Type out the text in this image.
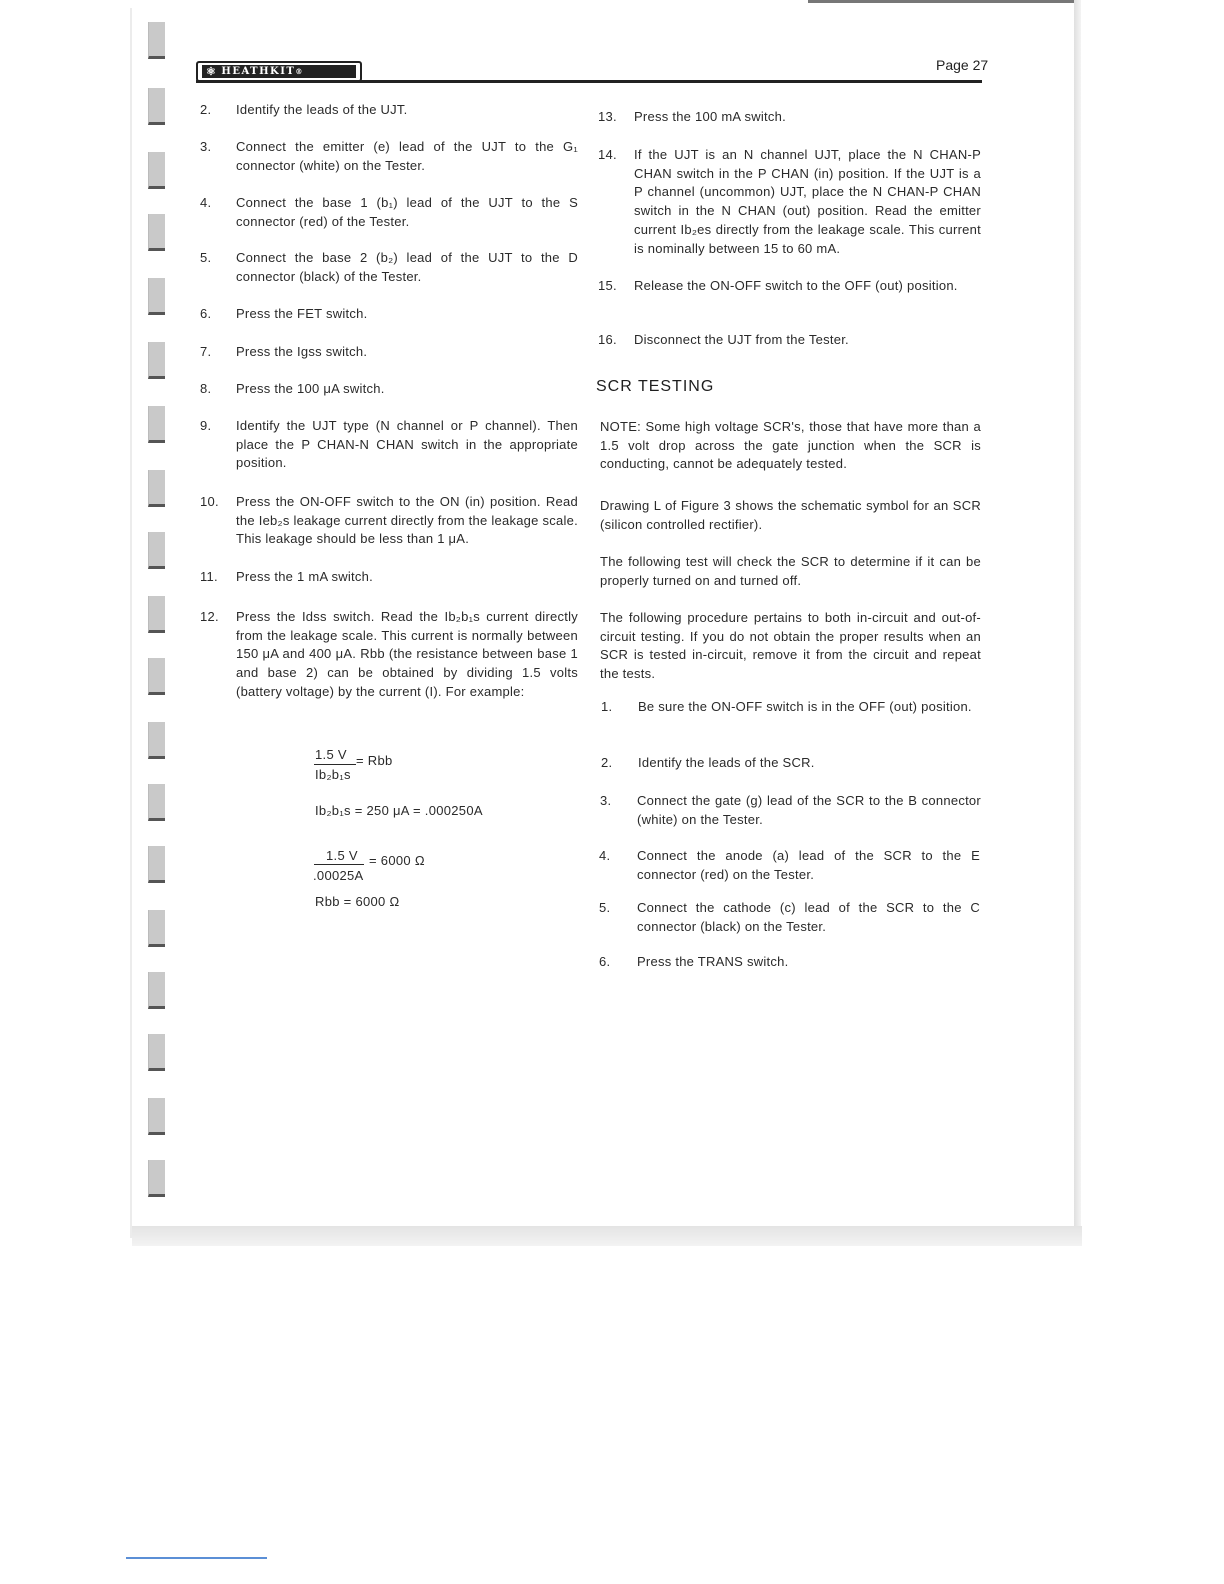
⚛ HEATHKIT ®	Page 27
2. Identify the leads of the UJT.
3. Connect the emitter (e) lead of the UJT to the G₁ connector (white) on the Tester.
4. Connect the base 1 (b₁) lead of the UJT to the S connector (red) of the Tester.
5. Connect the base 2 (b₂) lead of the UJT to the D connector (black) of the Tester.
6. Press the FET switch.
7. Press the Igss switch.
8. Press the 100 μA switch.
9. Identify the UJT type (N channel or P channel). Then place the P CHAN-N CHAN switch in the appropriate position.
10. Press the ON-OFF switch to the ON (in) position. Read the Ieb₂s leakage current directly from the leakage scale. This leakage should be less than 1 μA.
11. Press the 1 mA switch.
12. Press the Idss switch. Read the Ib₂b₁s current directly from the leakage scale. This current is normally between 150 μA and 400 μA. Rbb (the resistance between base 1 and base 2) can be obtained by dividing 1.5 volts (battery voltage) by the current (I). For example:
1.5 V = Rbb
Ib₂b₁s
Ib₂b₁s = 250 μA = .000250A
1.5 V = 6000 Ω
.00025A
Rbb = 6000 Ω
13. Press the 100 mA switch.
14. If the UJT is an N channel UJT, place the N CHAN-P CHAN switch in the P CHAN (in) position. If the UJT is a P channel (uncommon) UJT, place the N CHAN-P CHAN switch in the N CHAN (out) position. Read the emitter current Ib₂es directly from the leakage scale. This current is nominally between 15 to 60 mA.
15. Release the ON-OFF switch to the OFF (out) position.
16. Disconnect the UJT from the Tester.
SCR TESTING
NOTE: Some high voltage SCR's, those that have more than a 1.5 volt drop across the gate junction when the SCR is conducting, cannot be adequately tested.
Drawing L of Figure 3 shows the schematic symbol for an SCR (silicon controlled rectifier).
The following test will check the SCR to determine if it can be properly turned on and turned off.
The following procedure pertains to both in-circuit and out-of-circuit testing. If you do not obtain the proper results when an SCR is tested in-circuit, remove it from the circuit and repeat the tests.
1. Be sure the ON-OFF switch is in the OFF (out) position.
2. Identify the leads of the SCR.
3. Connect the gate (g) lead of the SCR to the B connector (white) on the Tester.
4. Connect the anode (a) lead of the SCR to the E connector (red) on the Tester.
5. Connect the cathode (c) lead of the SCR to the C connector (black) on the Tester.
6. Press the TRANS switch.
